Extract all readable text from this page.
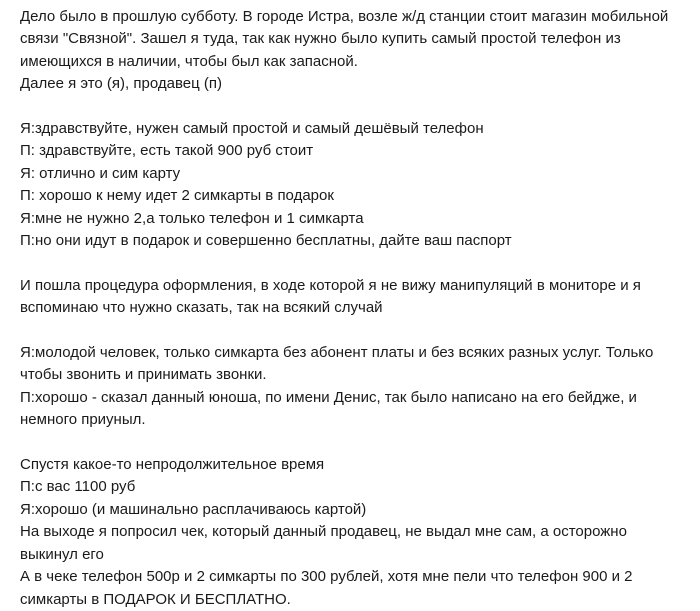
Дело было в прошлую субботу. В городе Истра, возле ж/д станции стоит магазин мобильной
связи "Связной". Зашел я туда, так как нужно было купить самый простой телефон из
имеющихся в наличии, чтобы был как запасной.
Далее я это (я), продавец (п)

Я:здравствуйте, нужен самый простой и самый дешёвый телефон
П: здравствуйте, есть такой 900 руб стоит
Я: отлично и сим карту
П: хорошо к нему идет 2 симкарты в подарок
Я:мне не нужно 2,а только телефон и 1 симкарта
П:но они идут в подарок и совершенно бесплатны, дайте ваш паспорт

И пошла процедура оформления, в ходе которой я не вижу манипуляций в мониторе и я
вспоминаю что нужно сказать, так на всякий случай

Я:молодой человек, только симкарта без абонент платы и без всяких разных услуг. Только
чтобы звонить и принимать звонки.
П:хорошо - сказал данный юноша, по имени Денис, так было написано на его бейдже, и
немного приуныл.

Спустя какое-то непродолжительное время
П:с вас 1100 руб
Я:хорошо (и машинально расплачиваюсь картой)
На выходе я попросил чек, который данный продавец, не выдал мне сам, а осторожно
выкинул его
А в чеке телефон 500р и 2 симкарты по 300 рублей, хотя мне пели что телефон 900 и 2
симкарты в ПОДАРОК И БЕСПЛАТНО.
